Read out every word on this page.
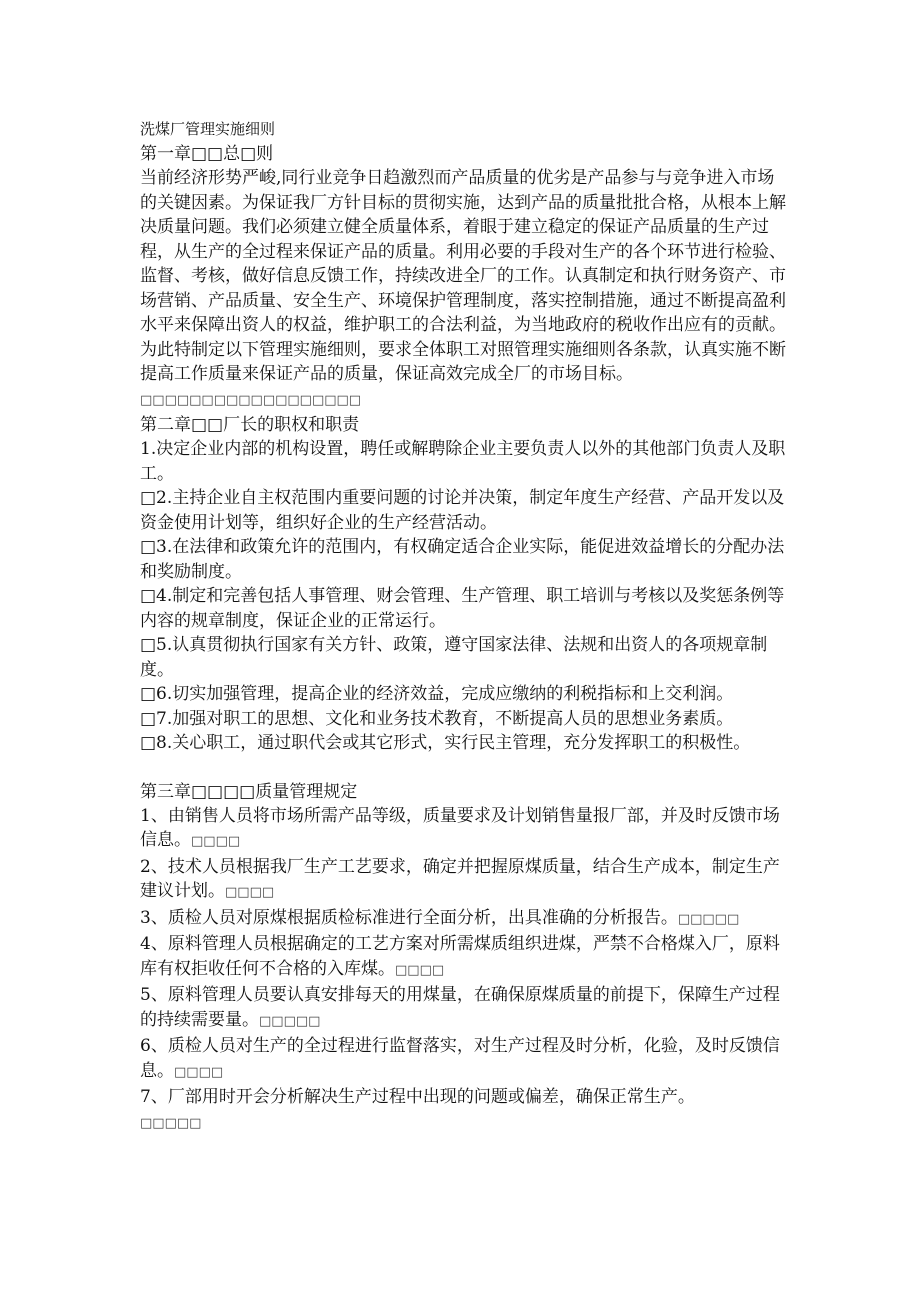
洗煤厂管理实施细则

第一章□□总□则

当前经济形势严峻,同行业竞争日趋激烈而产品质量的优劣是产品参与与竞争进入市场的关键因素。为保证我厂方针目标的贯彻实施，达到产品的质量批批合格，从根本上解决质量问题。我们必须建立健全质量体系，着眼于建立稳定的保证产品质量的生产过程，从生产的全过程来保证产品的质量。利用必要的手段对生产的各个环节进行检验、监督、考核，做好信息反馈工作，持续改进全厂的工作。认真制定和执行财务资产、市场营销、产品质量、安全生产、环境保护管理制度，落实控制措施，通过不断提高盈利水平来保障出资人的权益，维护职工的合法利益，为当地政府的税收作出应有的贡献。为此特制定以下管理实施细则，要求全体职工对照管理实施细则各条款，认真实施不断提高工作质量来保证产品的质量，保证高效完成全厂的市场目标。□□□□□□□□□□□□□□□□□□

第二章□□厂长的职权和职责

1.决定企业内部的机构设置，聘任或解聘除企业主要负责人以外的其他部门负责人及职工。

□2.主持企业自主权范围内重要问题的讨论并决策，制定年度生产经营、产品开发以及资金使用计划等，组织好企业的生产经营活动。

□3.在法律和政策允许的范围内，有权确定适合企业实际，能促进效益增长的分配办法和奖励制度。

□4.制定和完善包括人事管理、财会管理、生产管理、职工培训与考核以及奖惩条例等内容的规章制度，保证企业的正常运行。

□5.认真贯彻执行国家有关方针、政策，遵守国家法律、法规和出资人的各项规章制度。

□6.切实加强管理，提高企业的经济效益，完成应缴纳的利税指标和上交利润。

□7.加强对职工的思想、文化和业务技术教育，不断提高人员的思想业务素质。

□8.关心职工，通过职代会或其它形式，实行民主管理，充分发挥职工的积极性。

第三章□□□□质量管理规定

1、由销售人员将市场所需产品等级，质量要求及计划销售量报厂部，并及时反馈市场信息。□□□□

2、技术人员根据我厂生产工艺要求，确定并把握原煤质量，结合生产成本，制定生产建议计划。□□□□

3、质检人员对原煤根据质检标准进行全面分析，出具准确的分析报告。□□□□□

4、原料管理人员根据确定的工艺方案对所需煤质组织进煤，严禁不合格煤入厂，原料库有权拒收任何不合格的入库煤。□□□□

5、原料管理人员要认真安排每天的用煤量，在确保原煤质量的前提下，保障生产过程的持续需要量。□□□□□

6、质检人员对生产的全过程进行监督落实，对生产过程及时分析，化验，及时反馈信息。□□□□

7、厂部用时开会分析解决生产过程中出现的问题或偏差，确保正常生产。

□□□□□
